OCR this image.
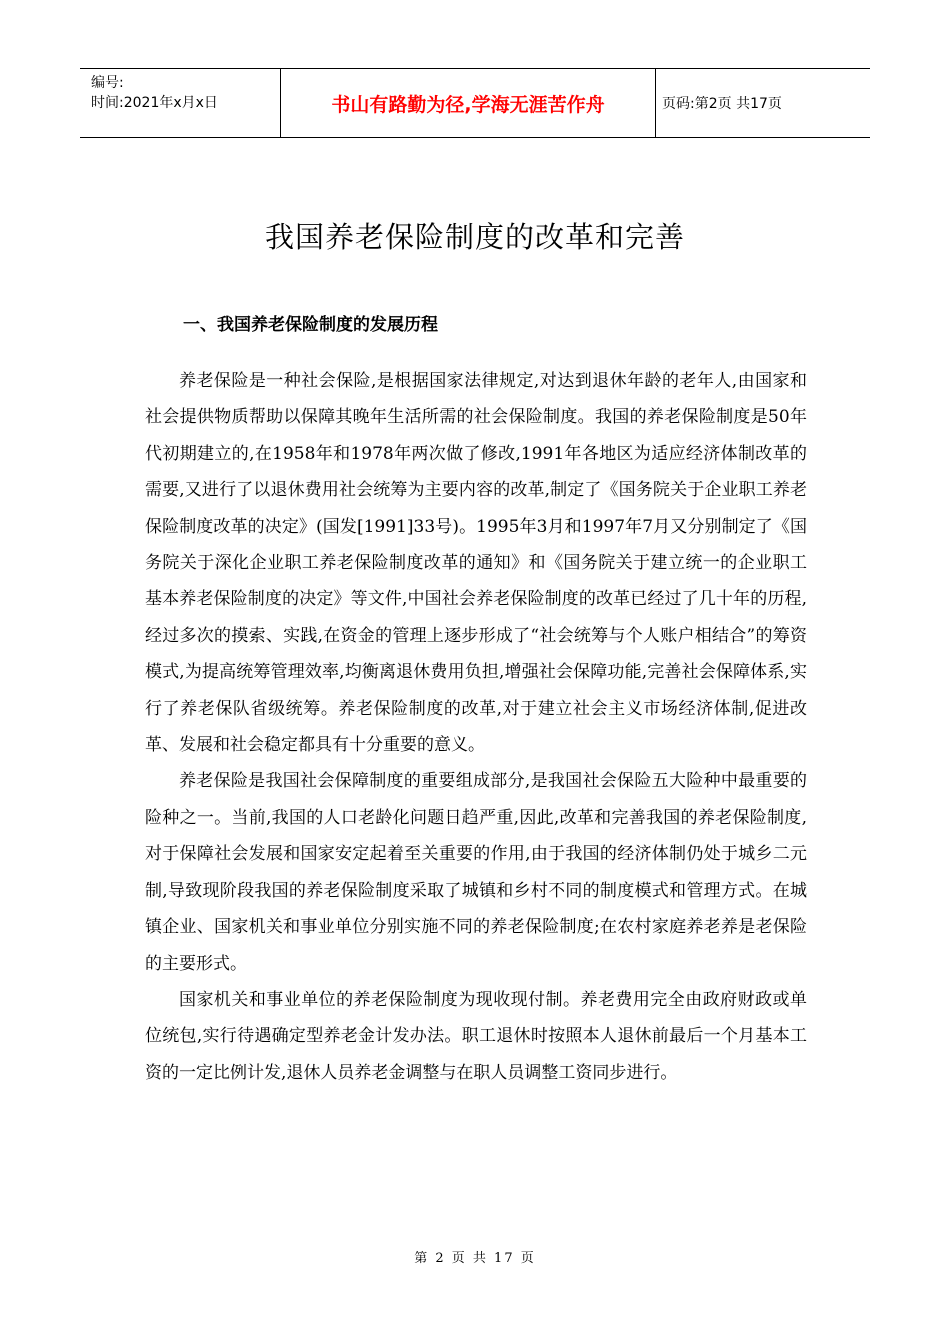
编号:
时间:2021年x月x日	书山有路勤为径,学海无涯苦作舟	页码:第2页 共17页
我国养老保险制度的改革和完善
一、我国养老保险制度的发展历程

养老保险是一种社会保险,是根据国家法律规定,对达到退休年龄的老年人,由国家和社会提供物质帮助以保障其晚年生活所需的社会保险制度。我国的养老保险制度是50年代初期建立的,在1958年和1978年两次做了修改,1991年各地区为适应经济体制改革的需要,又进行了以退休费用社会统筹为主要内容的改革,制定了《国务院关于企业职工养老保险制度改革的决定》(国发[1991]33号)。1995年3月和1997年7月又分别制定了《国务院关于深化企业职工养老保险制度改革的通知》和《国务院关于建立统一的企业职工基本养老保险制度的决定》等文件,中国社会养老保险制度的改革已经过了几十年的历程,经过多次的摸索、实践,在资金的管理上逐步形成了“社会统筹与个人账户相结合”的筹资模式,为提高统筹管理效率,均衡离退休费用负担,增强社会保障功能,完善社会保障体系,实行了养老保队省级统筹。养老保险制度的改革,对于建立社会主义市场经济体制,促进改革、发展和社会稳定都具有十分重要的意义。

养老保险是我国社会保障制度的重要组成部分,是我国社会保险五大险种中最重要的险种之一。当前,我国的人口老龄化问题日趋严重,因此,改革和完善我国的养老保险制度,对于保障社会发展和国家安定起着至关重要的作用,由于我国的经济体制仍处于城乡二元制,导致现阶段我国的养老保险制度采取了城镇和乡村不同的制度模式和管理方式。在城镇企业、国家机关和事业单位分别实施不同的养老保险制度;在农村家庭养老养是老保险的主要形式。

国家机关和事业单位的养老保险制度为现收现付制。养老费用完全由政府财政或单位统包,实行待遇确定型养老金计发办法。职工退休时按照本人退休前最后一个月基本工资的一定比例计发,退休人员养老金调整与在职人员调整工资同步进行。

第 2 页 共 17 页
